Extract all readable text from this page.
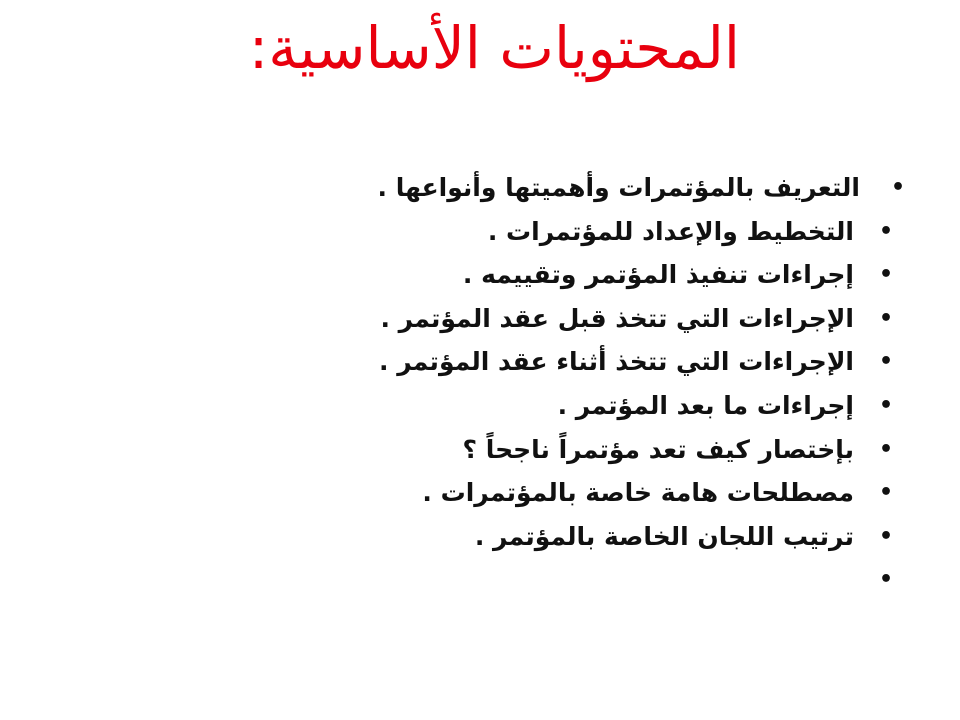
المحتويات الأساسية:
•
التعريف بالمؤتمرات وأهميتها وأنواعها .
•
التخطيط والإعداد للمؤتمرات .
•
إجراءات تنفيذ المؤتمر وتقييمه .
•
الإجراءات التي تتخذ قبل عقد المؤتمر .
•
الإجراءات التي تتخذ أثناء عقد المؤتمر .
•
إجراءات ما بعد المؤتمر .
•
بإختصار كيف تعد مؤتمراً ناجحاً ؟
•
مصطلحات هامة خاصة بالمؤتمرات .
•
ترتيب اللجان الخاصة بالمؤتمر .
•
